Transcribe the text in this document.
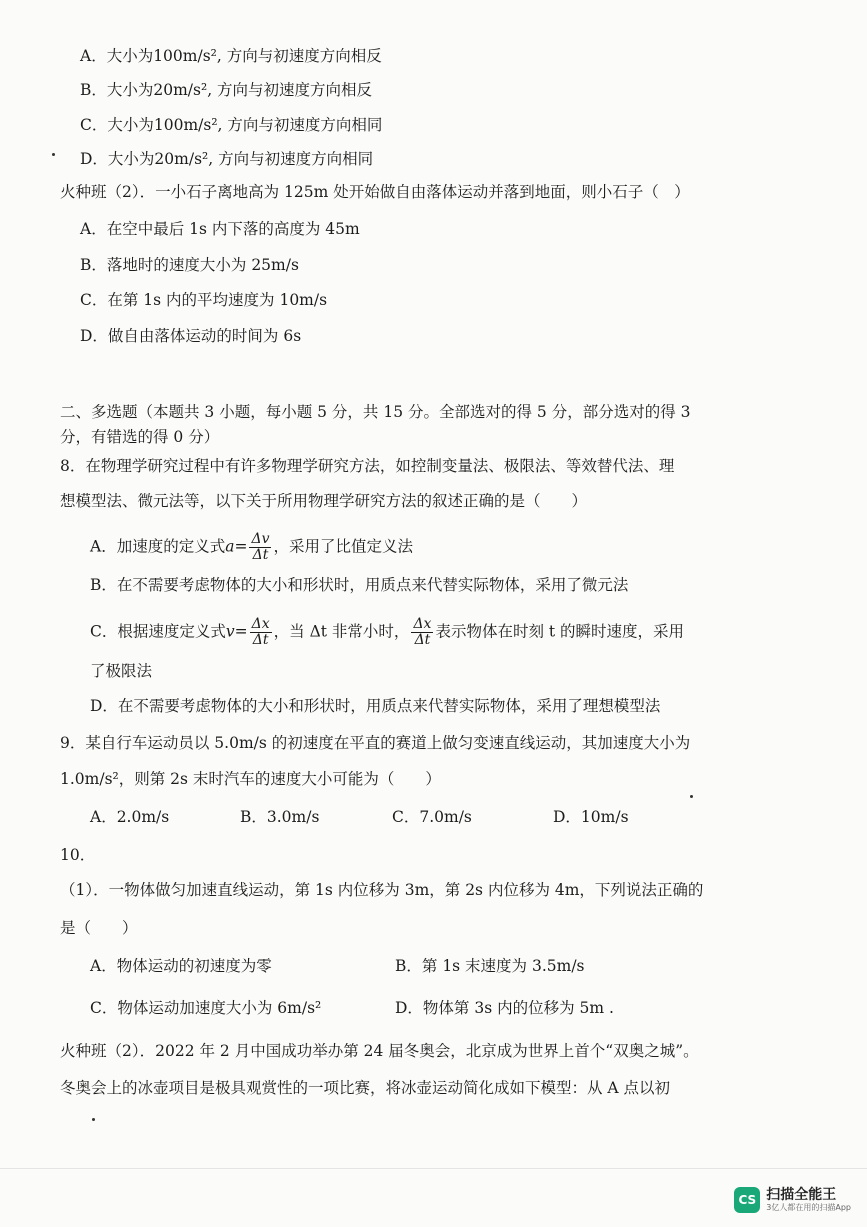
A．大小为100m/s², 方向与初速度方向相反
B．大小为20m/s², 方向与初速度方向相反
C．大小为100m/s², 方向与初速度方向相同
D．大小为20m/s², 方向与初速度方向相同
火种班（2）．一小石子离地高为 125m 处开始做自由落体运动并落到地面，则小石子（　）
A．在空中最后 1s 内下落的高度为 45m
B．落地时的速度大小为 25m/s
C．在第 1s 内的平均速度为 10m/s
D．做自由落体运动的时间为 6s
二、多选题（本题共 3 小题，每小题 5 分，共 15 分。全部选对的得 5 分，部分选对的得 3
分，有错选的得 0 分）
8．在物理学研究过程中有许多物理学研究方法，如控制变量法、极限法、等效替代法、理
想模型法、微元法等，以下关于所用物理学研究方法的叙述正确的是（　　）
A．加速度的定义式$a= \frac{\Delta v}{\Delta t}$ ，采用了比值定义法
B．在不需要考虑物体的大小和形状时，用质点来代替实际物体，采用了微元法
C．根据速度定义式$v= \frac{\Delta x}{\Delta t}$ ，当 Δt 非常小时， $\frac{\Delta x}{\Delta t}$ 表示物体在时刻 t 的瞬时速度，采用
了极限法
D．在不需要考虑物体的大小和形状时，用质点来代替实际物体，采用了理想模型法
9．某自行车运动员以 5.0m/s 的初速度在平直的赛道上做匀变速直线运动，其加速度大小为
1.0m/s²，则第 2s 末时汽车的速度大小可能为（　　）
A．2.0m/s	B．3.0m/s	C．7.0m/s	D．10m/s
10．
（1）．一物体做匀加速直线运动，第 1s 内位移为 3m，第 2s 内位移为 4m，下列说法正确的
是（　　）
A．物体运动的初速度为零	B．第 1s 末速度为 3.5m/s
C．物体运动加速度大小为 6m/s²	D．物体第 3s 内的位移为 5m .
火种班（2）．2022 年 2 月中国成功举办第 24 届冬奥会，北京成为世界上首个“双奥之城”。
冬奥会上的冰壶项目是极具观赏性的一项比赛，将冰壶运动简化成如下模型：从 A 点以初
CS 扫描全能王
3亿人都在用的扫描App
